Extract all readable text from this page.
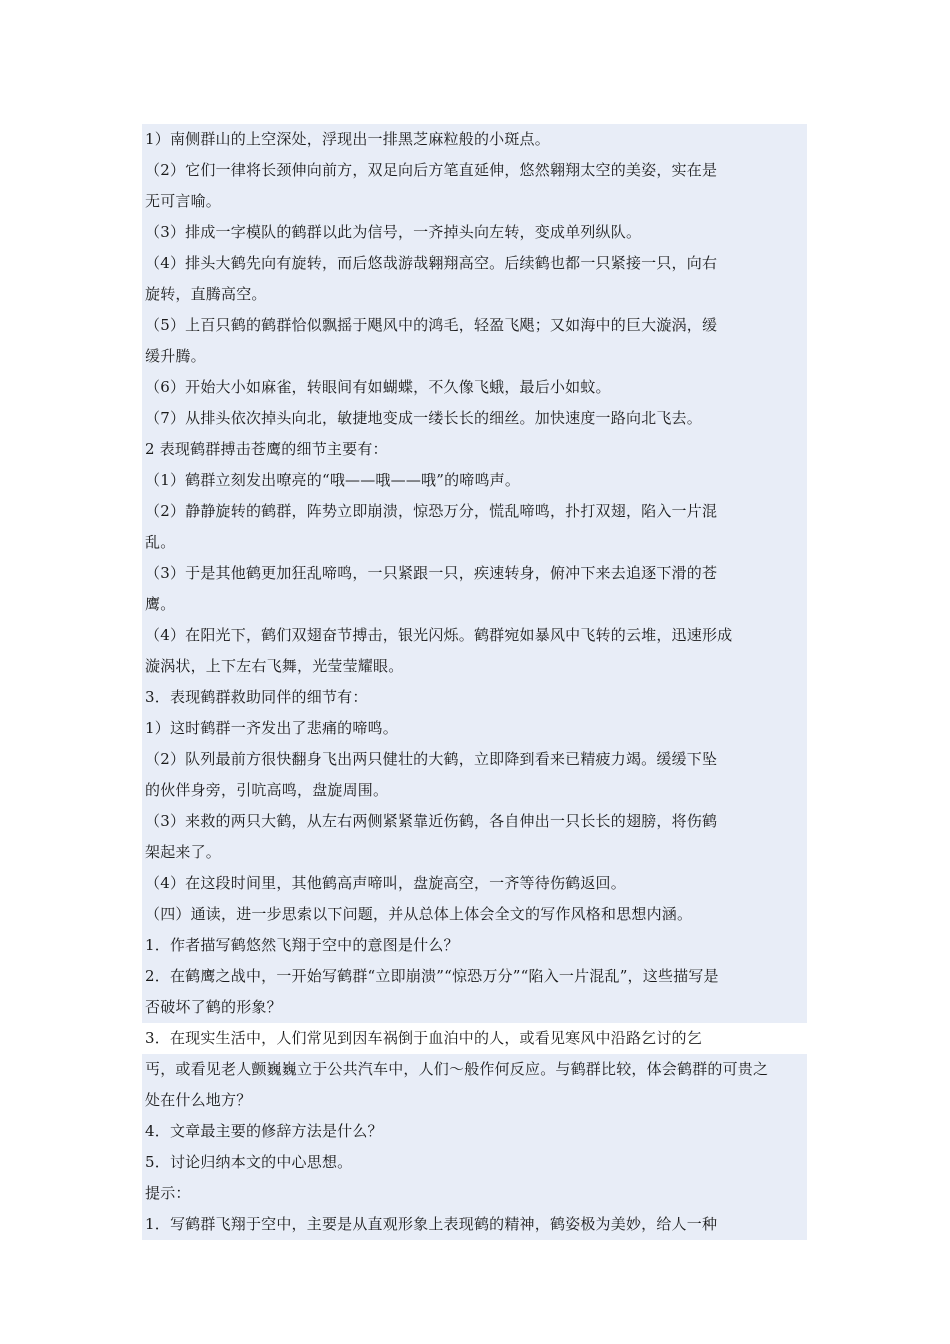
1）南侧群山的上空深处，浮现出一排黑芝麻粒般的小斑点。
（2）它们一律将长颈伸向前方，双足向后方笔直延伸，悠然翱翔太空的美姿，实在是
无可言喻。
（3）排成一字模队的鹤群以此为信号，一齐掉头向左转，变成单列纵队。
（4）排头大鹤先向有旋转，而后悠哉游哉翱翔高空。后续鹤也都一只紧接一只，向右
旋转，直腾高空。
（5）上百只鹤的鹤群恰似飘摇于飓风中的鸿毛，轻盈飞飓；又如海中的巨大漩涡，缓
缓升腾。
（6）开始大小如麻雀，转眼间有如蝴蝶，不久像飞蛾，最后小如蚊。
（7）从排头依次掉头向北，敏捷地变成一缕长长的细丝。加快速度一路向北飞去。
2 表现鹤群搏击苍鹰的细节主要有：
（1）鹤群立刻发出嘹亮的“哦——哦——哦”的啼鸣声。
（2）静静旋转的鹤群，阵势立即崩溃，惊恐万分，慌乱啼鸣，扑打双翅，陷入一片混
乱。
（3）于是其他鹤更加狂乱啼鸣，一只紧跟一只，疾速转身，俯冲下来去追逐下滑的苍
鹰。
（4）在阳光下，鹤们双翅奋节搏击，银光闪烁。鹤群宛如暴风中飞转的云堆，迅速形成
漩涡状，上下左右飞舞，光莹莹耀眼。
3．表现鹤群救助同伴的细节有：
1）这时鹤群一齐发出了悲痛的啼鸣。
（2）队列最前方很快翻身飞出两只健壮的大鹤，立即降到看来已精疲力竭。缓缓下坠
的伙伴身旁，引吭高鸣，盘旋周围。
（3）来救的两只大鹤，从左右两侧紧紧靠近伤鹤，各自伸出一只长长的翅膀，将伤鹤
架起来了。
（4）在这段时间里，其他鹤高声啼叫，盘旋高空，一齐等待伤鹤返回。
（四）通读，进一步思索以下问题，并从总体上体会全文的写作风格和思想内涵。
1．作者描写鹤悠然飞翔于空中的意图是什么？
2．在鹤鹰之战中，一开始写鹤群“立即崩溃”“惊恐万分”“陷入一片混乱”，这些描写是
否破坏了鹤的形象？
3．在现实生活中，人们常见到因车祸倒于血泊中的人，或看见寒风中沿路乞讨的乞
丐，或看见老人颤巍巍立于公共汽车中，人们～般作何反应。与鹤群比较，体会鹤群的可贵之
处在什么地方？
4．文章最主要的修辞方法是什么？
5．讨论归纳本文的中心思想。
提示：
1．写鹤群飞翔于空中，主要是从直观形象上表现鹤的精神，鹤姿极为美妙，给人一种
